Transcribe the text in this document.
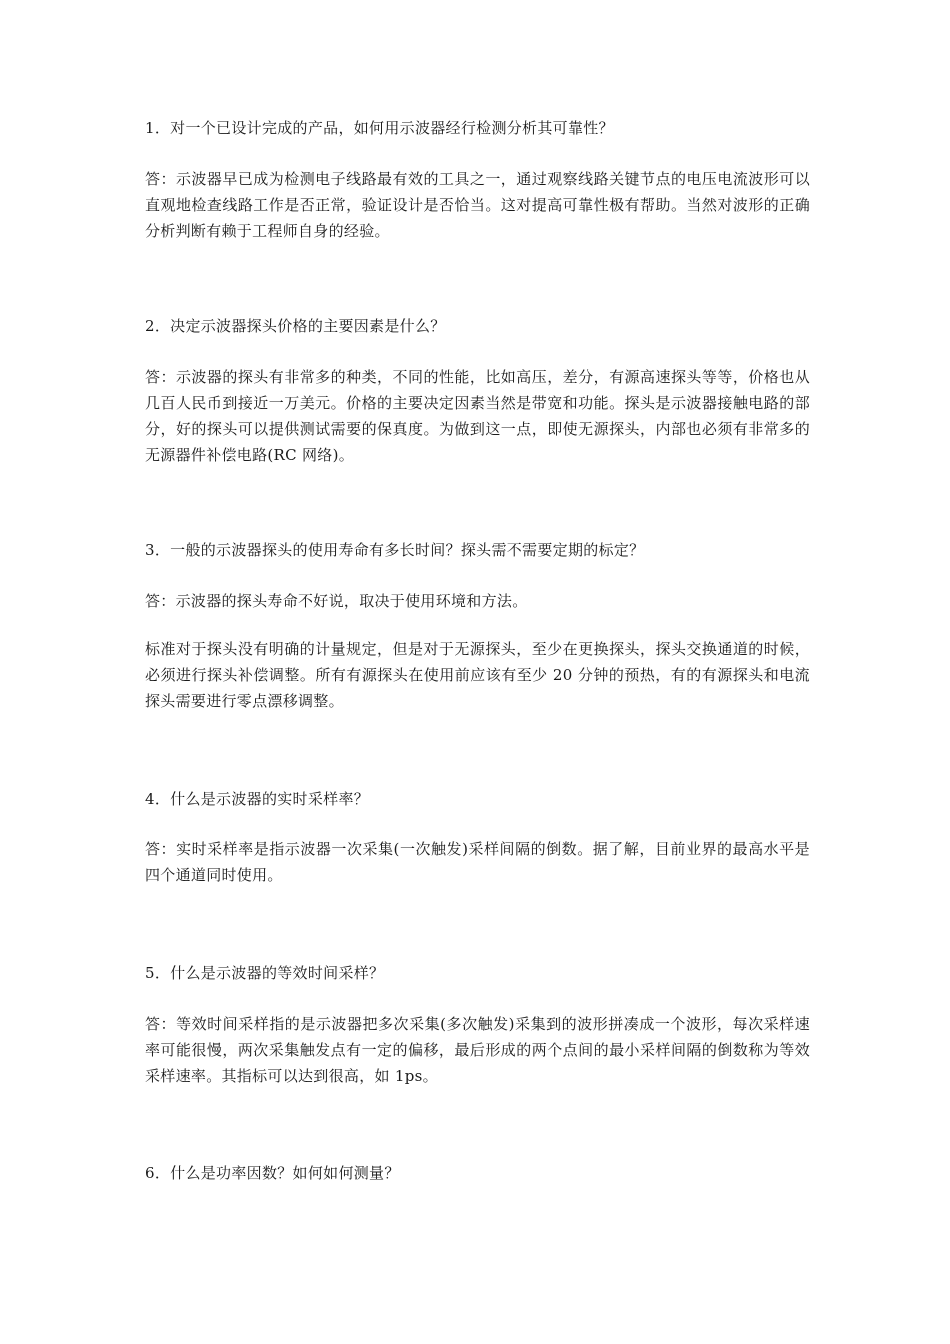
1．对一个已设计完成的产品，如何用示波器经行检测分析其可靠性？

答：示波器早已成为检测电子线路最有效的工具之一，通过观察线路关键节点的电压电流波形可以直观地检查线路工作是否正常，验证设计是否恰当。这对提高可靠性极有帮助。当然对波形的正确分析判断有赖于工程师自身的经验。

2．决定示波器探头价格的主要因素是什么？

答：示波器的探头有非常多的种类，不同的性能，比如高压，差分，有源高速探头等等，价格也从几百人民币到接近一万美元。价格的主要决定因素当然是带宽和功能。探头是示波器接触电路的部分，好的探头可以提供测试需要的保真度。为做到这一点，即使无源探头，内部也必须有非常多的无源器件补偿电路(RC 网络)。

3．一般的示波器探头的使用寿命有多长时间？探头需不需要定期的标定？

答：示波器的探头寿命不好说，取决于使用环境和方法。

标准对于探头没有明确的计量规定，但是对于无源探头，至少在更换探头，探头交换通道的时候，必须进行探头补偿调整。所有有源探头在使用前应该有至少 20 分钟的预热，有的有源探头和电流探头需要进行零点漂移调整。

4．什么是示波器的实时采样率？

答：实时采样率是指示波器一次采集(一次触发)采样间隔的倒数。据了解，目前业界的最高水平是四个通道同时使用。

5．什么是示波器的等效时间采样？

答：等效时间采样指的是示波器把多次采集(多次触发)采集到的波形拼凑成一个波形，每次采样速率可能很慢，两次采集触发点有一定的偏移，最后形成的两个点间的最小采样间隔的倒数称为等效采样速率。其指标可以达到很高，如 1ps。

6．什么是功率因数？如何如何测量？
